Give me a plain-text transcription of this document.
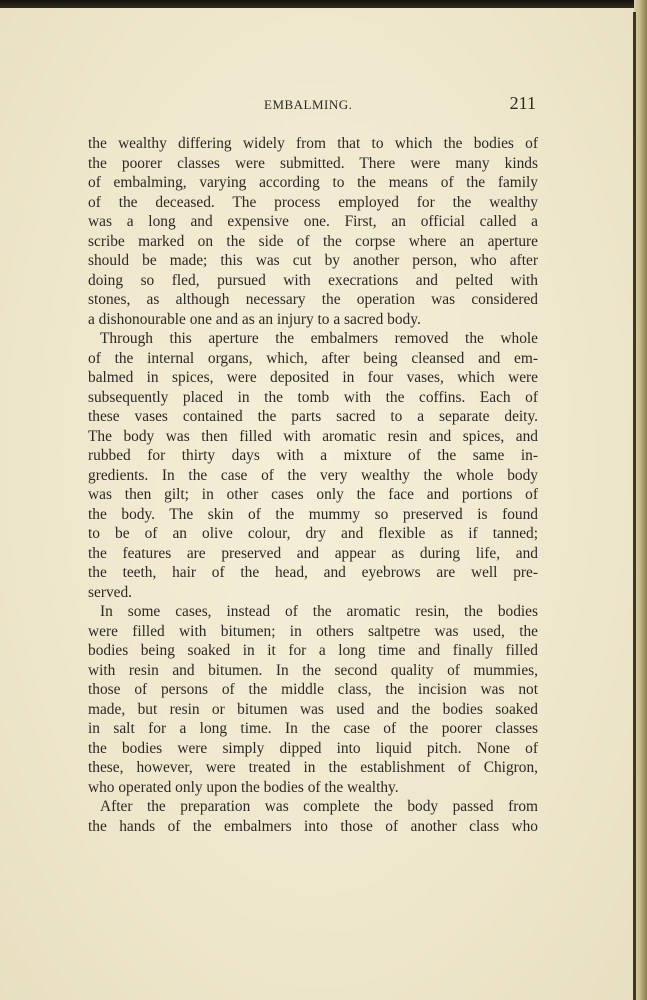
EMBALMING.	211
the wealthy differing widely from that to which the bodies of
the poorer classes were submitted. There were many kinds
of embalming, varying according to the means of the family
of the deceased. The process employed for the wealthy
was a long and expensive one. First, an official called a
scribe marked on the side of the corpse where an aperture
should be made; this was cut by another person, who after
doing so fled, pursued with execrations and pelted with
stones, as although necessary the operation was considered
a dishonourable one and as an injury to a sacred body.
Through this aperture the embalmers removed the whole
of the internal organs, which, after being cleansed and em-
balmed in spices, were deposited in four vases, which were
subsequently placed in the tomb with the coffins. Each of
these vases contained the parts sacred to a separate deity.
The body was then filled with aromatic resin and spices, and
rubbed for thirty days with a mixture of the same in-
gredients. In the case of the very wealthy the whole body
was then gilt; in other cases only the face and portions of
the body. The skin of the mummy so preserved is found
to be of an olive colour, dry and flexible as if tanned;
the features are preserved and appear as during life, and
the teeth, hair of the head, and eyebrows are well pre-
served.
In some cases, instead of the aromatic resin, the bodies
were filled with bitumen; in others saltpetre was used, the
bodies being soaked in it for a long time and finally filled
with resin and bitumen. In the second quality of mummies,
those of persons of the middle class, the incision was not
made, but resin or bitumen was used and the bodies soaked
in salt for a long time. In the case of the poorer classes
the bodies were simply dipped into liquid pitch. None of
these, however, were treated in the establishment of Chigron,
who operated only upon the bodies of the wealthy.
After the preparation was complete the body passed from
the hands of the embalmers into those of another class who
